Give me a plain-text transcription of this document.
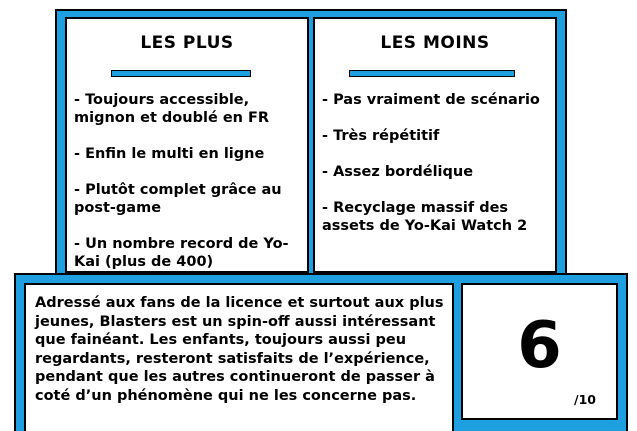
LES PLUS
- Toujours accessible, mignon et doublé en FR
- Enfin le multi en ligne
- Plutôt complet grâce au post-game
- Un nombre record de Yo-Kai (plus de 400)
LES MOINS
- Pas vraiment de scénario
- Très répétitif
- Assez bordélique
- Recyclage massif des assets de Yo-Kai Watch 2

Adressé aux fans de la licence et surtout aux plus jeunes, Blasters est un spin-off aussi intéressant que fainéant. Les enfants, toujours aussi peu regardants, resteront satisfaits de l’expérience, pendant que les autres continueront de passer à coté d’un phénomène qui ne les concerne pas.

6
/10
